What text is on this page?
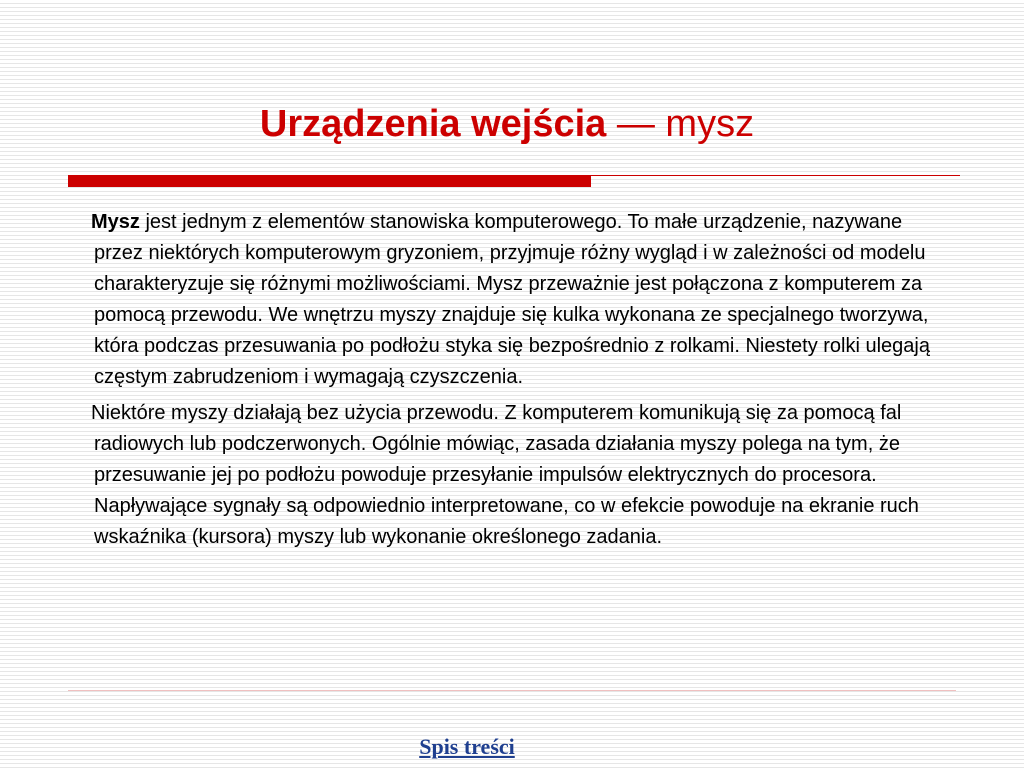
Urządzenia wejścia — mysz

Mysz jest jednym z elementów stanowiska komputerowego. To małe urządzenie, nazywane przez niektórych komputerowym gryzoniem, przyjmuje różny wygląd i w zależności od modelu charakteryzuje się różnymi możliwościami. Mysz przeważnie jest połączona z komputerem za pomocą przewodu. We wnętrzu myszy znajduje się kulka wykonana ze specjalnego tworzywa, która podczas przesuwania po podłożu styka się bezpośrednio z rolkami. Niestety rolki ulegają częstym zabrudzeniom i wymagają czyszczenia.

Niektóre myszy działają bez użycia przewodu. Z komputerem komunikują się za pomocą fal radiowych lub podczerwonych. Ogólnie mówiąc, zasada działania myszy polega na tym, że przesuwanie jej po podłożu powoduje przesyłanie impulsów elektrycznych do procesora. Napływające sygnały są odpowiednio interpretowane, co w efekcie powoduje na ekranie ruch wskaźnika (kursora) myszy lub wykonanie określonego zadania.

Spis treści
